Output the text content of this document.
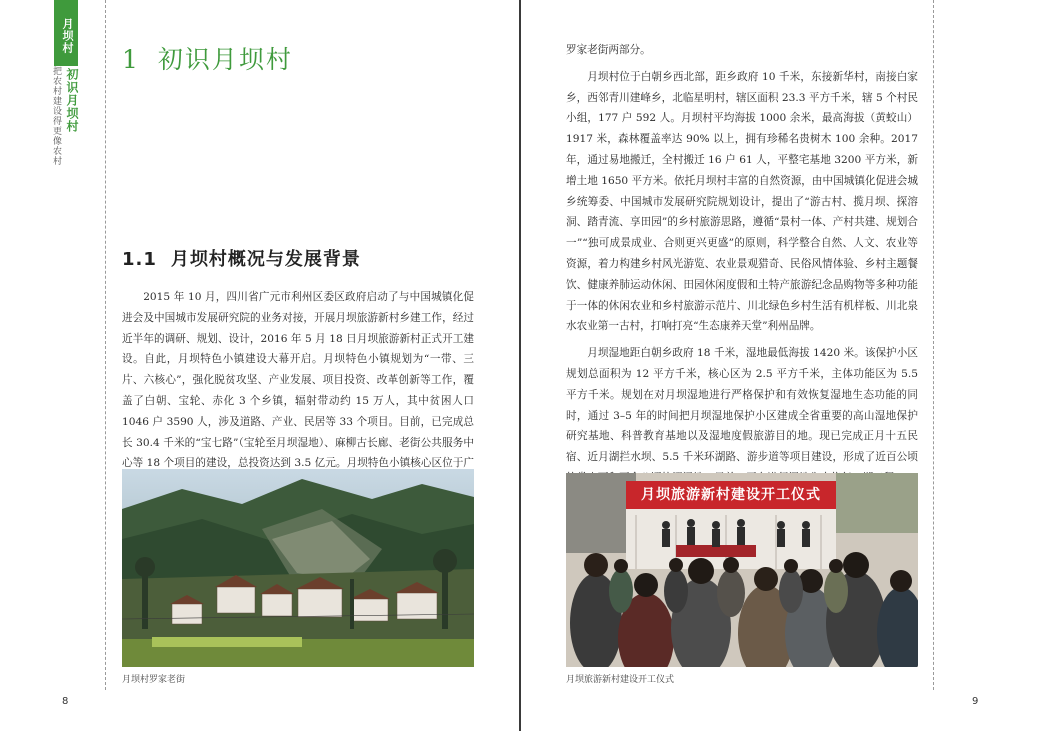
月坝村
初识月坝村
把农村建设得更像农村
1 初识月坝村
1.1 月坝村概况与发展背景

2015 年 10 月，四川省广元市利州区委区政府启动了与中国城镇化促进会及中国城市发展研究院的业务对接，开展月坝旅游新村乡建工作，经过近半年的调研、规划、设计，2016 年 5 月 18 日月坝旅游新村正式开工建设。自此，月坝特色小镇建设大幕开启。月坝特色小镇规划为“一带、三片、六核心”，强化脱贫攻坚、产业发展、项目投资、改革创新等工作，覆盖了白朝、宝轮、赤化 3 个乡镇，辐射带动约 15 万人，其中贫困人口 1046 户 3590 人，涉及道路、产业、民居等 33 个项目。目前，已完成总长 30.4 千米的“宝七路”（宝轮至月坝湿地）、麻柳古长廊、老街公共服务中心等 18 个项目的建设，总投资达到 3.5 亿元。月坝特色小镇核心区位于广

月坝村罗家老街
8

罗家老街两部分。

月坝村位于白朝乡西北部，距乡政府 10 千米，东接新华村，南接白家乡，西邻青川建峰乡，北临星明村，辖区面积 23.3 平方千米，辖 5 个村民小组，177 户 592 人。月坝村平均海拔 1000 余米，最高海拔（黄蛟山）1917 米，森林覆盖率达 90% 以上，拥有珍稀名贵树木 100 余种。2017 年，通过易地搬迁，全村搬迁 16 户 61 人，平整宅基地 3200 平方米，新增土地 1650 平方米。依托月坝村丰富的自然资源，由中国城镇化促进会城乡统筹委、中国城市发展研究院规划设计，提出了“游古村、揽月坝、探溶洞、踏青流、享田园”的乡村旅游思路，遵循“景村一体、产村共建、规划合一”“独可成景成业、合则更兴更盛”的原则，科学整合自然、人文、农业等资源，着力构建乡村风光游览、农业景观猎奇、民俗风情体验、乡村主题餐饮、健康养肺运动休闲、田园休闲度假和土特产旅游纪念品购物等多种功能于一体的休闲农业和乡村旅游示范片、川北绿色乡村生活有机样板、川北泉水农业第一古村，打响打亮“生态康养天堂”利州品牌。

月坝湿地距白朝乡政府 18 千米，湿地最低海拔 1420 米。该保护小区规划总面积为 12 平方千米，核心区为 2.5 平方千米，主体功能区为 5.5 平方千米。规划在对月坝湿地进行严格保护和有效恢复湿地生态功能的同时，通过 3–5 年的时间把月坝湿地保护小区建成全省重要的高山湿地保护研究基地、科普教育基地以及湿地度假旅游目的地。现已完成正月十五民宿、近月湖拦水坝、5.5 千米环湖路、游步道等项目建设，形成了近百公顷

月坝旅游新村建设开工仪式
月坝旅游新村建设开工仪式
9
